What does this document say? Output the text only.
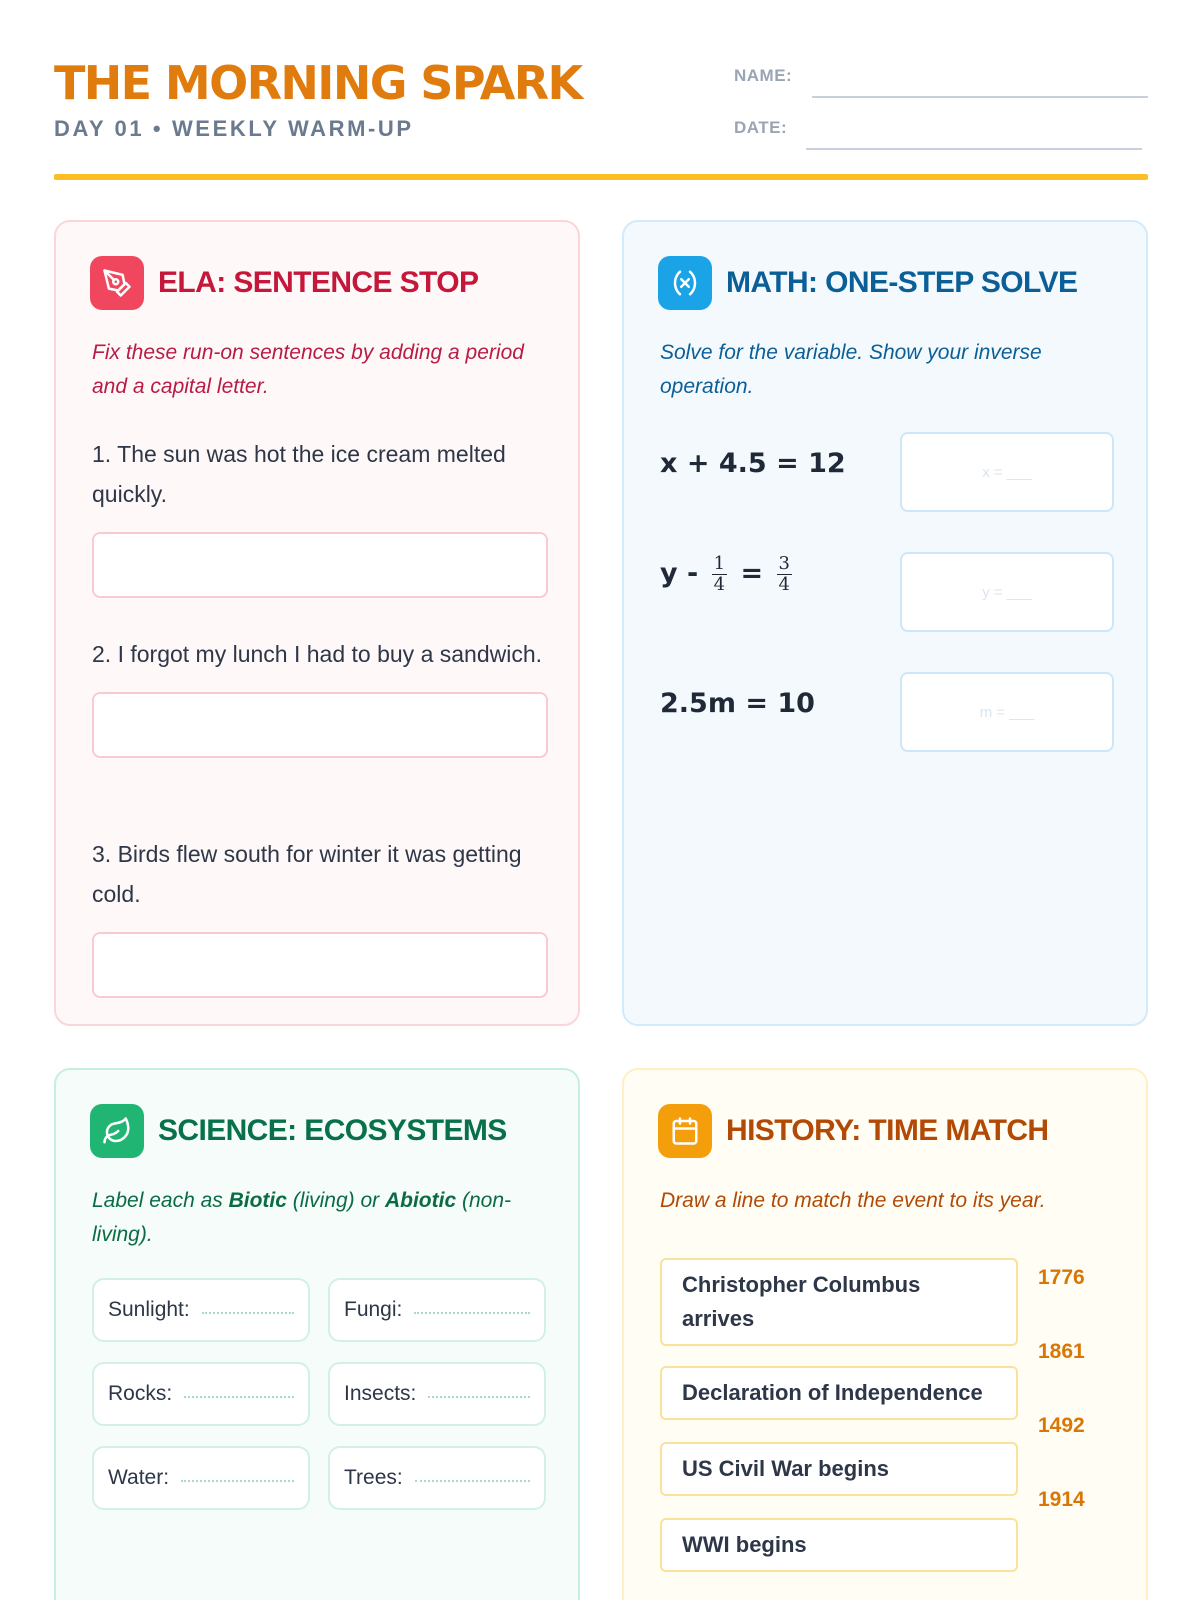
THE MORNING SPARK
DAY 01 • WEEKLY WARM-UP
NAME:
DATE:
ELA: SENTENCE STOP
Fix these run-on sentences by adding a period and a capital letter.
1. The sun was hot the ice cream melted quickly.
2. I forgot my lunch I had to buy a sandwich.
3. Birds flew south for winter it was getting cold.
MATH: ONE-STEP SOLVE
Solve for the variable. Show your inverse operation.
x + 4.5 = 12	x = ___
$y - \frac{1}{4} = \frac{3}{4}$	y = ___
2.5m = 10	m = ___
SCIENCE: ECOSYSTEMS
Label each as Biotic (living) or Abiotic (non-living).
Sunlight:	Fungi:
Rocks:	Insects:
Water:	Trees:
HISTORY: TIME MATCH
Draw a line to match the event to its year.
Christopher Columbus arrives
Declaration of Independence
US Civil War begins
WWI begins
1776
1861
1492
1914
